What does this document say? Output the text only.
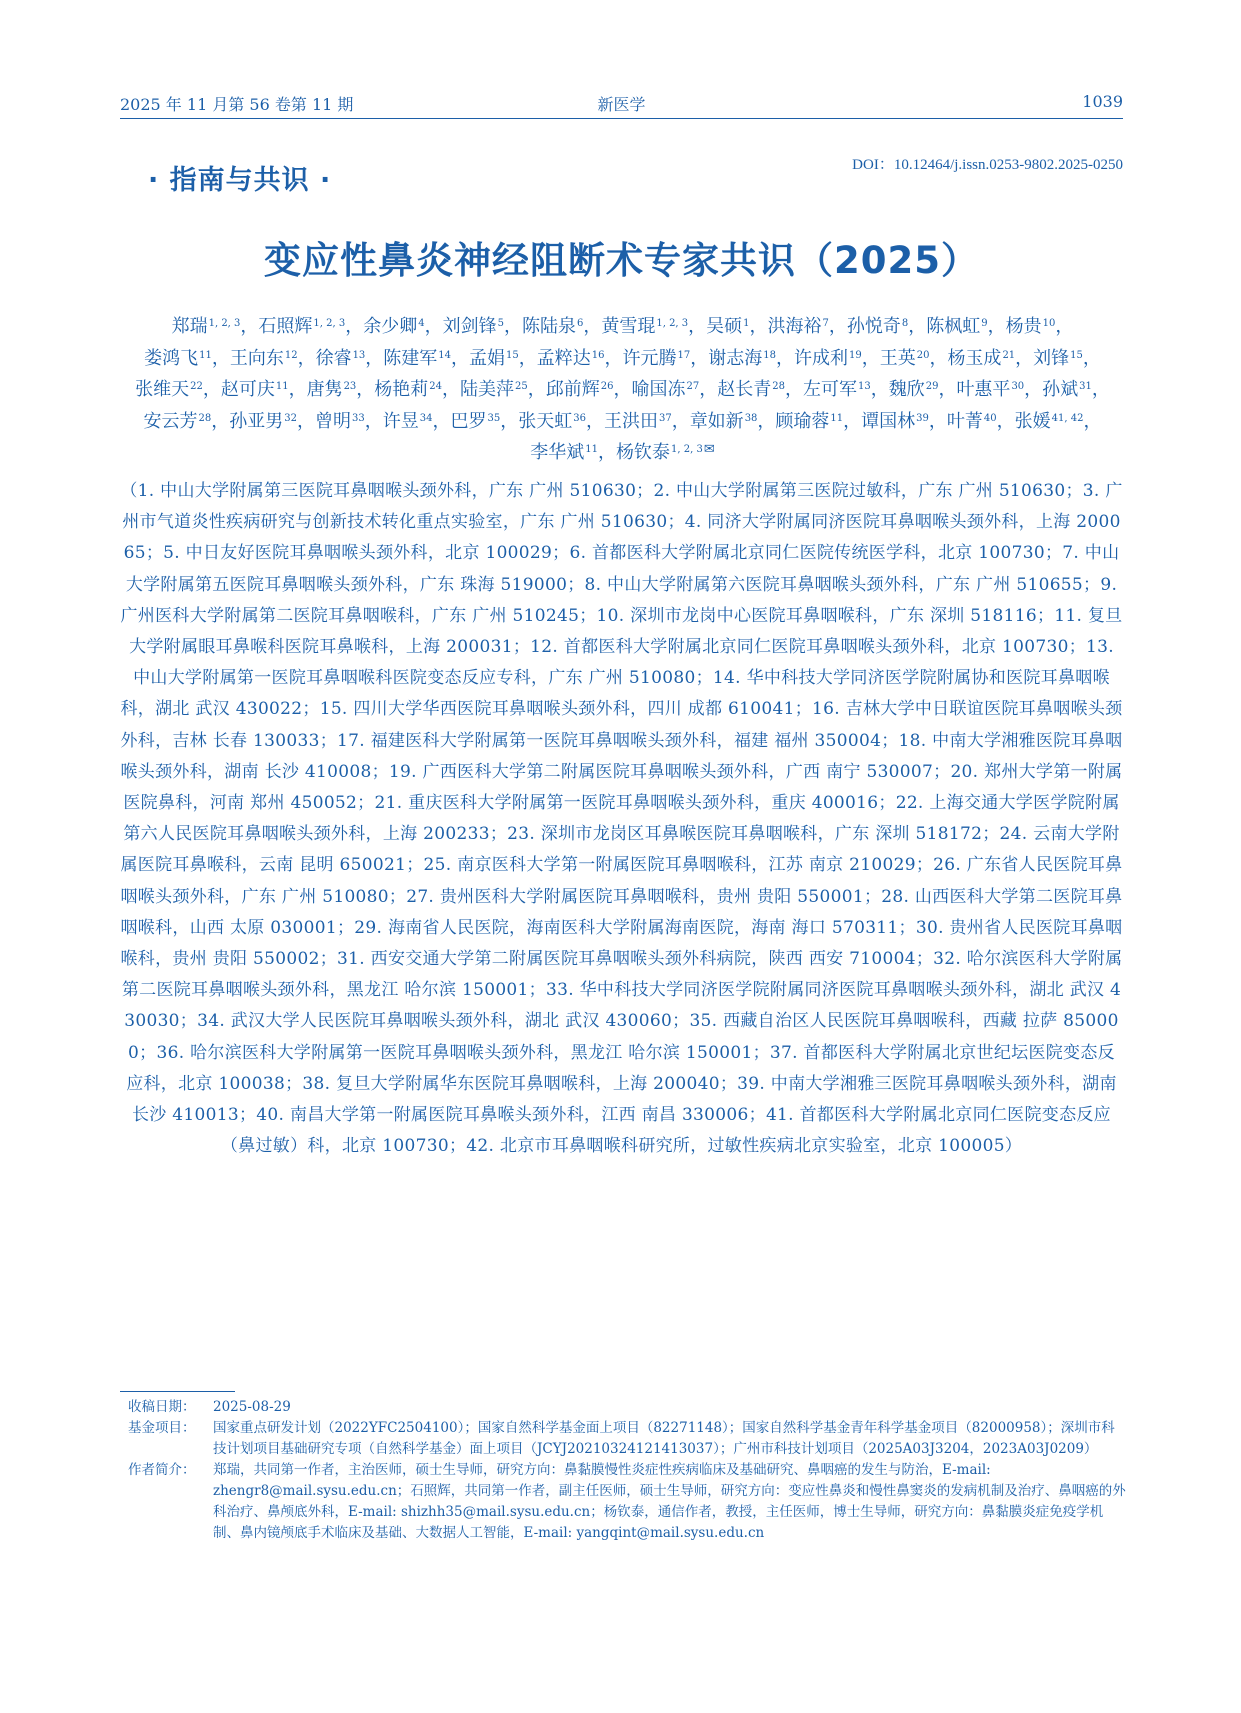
2025 年 11 月第 56 卷第 11 期	新医学	1039
· 指南与共识 ·	DOI：10.12464/j.issn.0253-9802.2025-0250
变应性鼻炎神经阻断术专家共识（2025）
郑瑞$^{1, 2, 3}$，石照辉$^{1, 2, 3}$，余少卿$^4$，刘剑锋$^5$，陈陆泉$^6$，黄雪琨$^{1, 2, 3}$，吴硕$^1$，洪海裕$^7$，孙悦奇$^8$，陈枫虹$^9$，杨贵$^{10}$，娄鸿飞$^{11}$，王向东$^{12}$，徐睿$^{13}$，陈建军$^{14}$，孟娟$^{15}$，孟粹达$^{16}$，许元腾$^{17}$，谢志海$^{18}$，许成利$^{19}$，王英$^{20}$，杨玉成$^{21}$，刘锋$^{15}$，张维天$^{22}$，赵可庆$^{11}$，唐隽$^{23}$，杨艳莉$^{24}$，陆美萍$^{25}$，邱前辉$^{26}$，喻国冻$^{27}$，赵长青$^{28}$，左可军$^{13}$，魏欣$^{29}$，叶惠平$^{30}$，孙斌$^{31}$，安云芳$^{28}$，孙亚男$^{32}$，曾明$^{33}$，许昱$^{34}$，巴罗$^{35}$，张天虹$^{36}$，王洪田$^{37}$，章如新$^{38}$，顾瑜蓉$^{11}$，谭国林$^{39}$，叶菁$^{40}$，张媛$^{41, 42}$，李华斌$^{11}$，杨钦泰$^{1, 2, 3✉}$
（1. 中山大学附属第三医院耳鼻咽喉头颈外科，广东 广州 510630；2. 中山大学附属第三医院过敏科，广东 广州 510630；3. 广州市气道炎性疾病研究与创新技术转化重点实验室，广东 广州 510630；4. 同济大学附属同济医院耳鼻咽喉头颈外科，上海 200065；5. 中日友好医院耳鼻咽喉头颈外科，北京 100029；6. 首都医科大学附属北京同仁医院传统医学科，北京 100730；7. 中山大学附属第五医院耳鼻咽喉头颈外科，广东 珠海 519000；8. 中山大学附属第六医院耳鼻咽喉头颈外科，广东 广州 510655；9. 广州医科大学附属第二医院耳鼻咽喉科，广东 广州 510245；10. 深圳市龙岗中心医院耳鼻咽喉科，广东 深圳 518116；11. 复旦大学附属眼耳鼻喉科医院耳鼻喉科，上海 200031；12. 首都医科大学附属北京同仁医院耳鼻咽喉头颈外科，北京 100730；13. 中山大学附属第一医院耳鼻咽喉科医院变态反应专科，广东 广州 510080；14. 华中科技大学同济医学院附属协和医院耳鼻咽喉科，湖北 武汉 430022；15. 四川大学华西医院耳鼻咽喉头颈外科，四川 成都 610041；16. 吉林大学中日联谊医院耳鼻咽喉头颈外科，吉林 长春 130033；17. 福建医科大学附属第一医院耳鼻咽喉头颈外科，福建 福州 350004；18. 中南大学湘雅医院耳鼻咽喉头颈外科，湖南 长沙 410008；19. 广西医科大学第二附属医院耳鼻咽喉头颈外科，广西 南宁 530007；20. 郑州大学第一附属医院鼻科，河南 郑州 450052；21. 重庆医科大学附属第一医院耳鼻咽喉头颈外科，重庆 400016；22. 上海交通大学医学院附属第六人民医院耳鼻咽喉头颈外科，上海 200233；23. 深圳市龙岗区耳鼻喉医院耳鼻咽喉科，广东 深圳 518172；24. 云南大学附属医院耳鼻喉科，云南 昆明 650021；25. 南京医科大学第一附属医院耳鼻咽喉科，江苏 南京 210029；26. 广东省人民医院耳鼻咽喉头颈外科，广东 广州 510080；27. 贵州医科大学附属医院耳鼻咽喉科，贵州 贵阳 550001；28. 山西医科大学第二医院耳鼻咽喉科，山西 太原 030001；29. 海南省人民医院，海南医科大学附属海南医院，海南 海口 570311；30. 贵州省人民医院耳鼻咽喉科，贵州 贵阳 550002；31. 西安交通大学第二附属医院耳鼻咽喉头颈外科病院，陕西 西安 710004；32. 哈尔滨医科大学附属第二医院耳鼻咽喉头颈外科，黑龙江 哈尔滨 150001；33. 华中科技大学同济医学院附属同济医院耳鼻咽喉头颈外科，湖北 武汉 430030；34. 武汉大学人民医院耳鼻咽喉头颈外科，湖北 武汉 430060；35. 西藏自治区人民医院耳鼻咽喉科，西藏 拉萨 850000；36. 哈尔滨医科大学附属第一医院耳鼻咽喉头颈外科，黑龙江 哈尔滨 150001；37. 首都医科大学附属北京世纪坛医院变态反应科，北京 100038；38. 复旦大学附属华东医院耳鼻咽喉科，上海 200040；39. 中南大学湘雅三医院耳鼻咽喉头颈外科，湖南 长沙 410013；40. 南昌大学第一附属医院耳鼻喉头颈外科，江西 南昌 330006；41. 首都医科大学附属北京同仁医院变态反应（鼻过敏）科，北京 100730；42. 北京市耳鼻咽喉科研究所，过敏性疾病北京实验室，北京 100005）
收稿日期：	2025-08-29
基金项目：	国家重点研发计划（2022YFC2504100）；国家自然科学基金面上项目（82271148）；国家自然科学基金青年科学基金项目（82000958）；深圳市科技计划项目基础研究专项（自然科学基金）面上项目（JCYJ20210324121413037）；广州市科技计划项目（2025A03J3204，2023A03J0209）
作者简介：	郑瑞，共同第一作者，主治医师，硕士生导师，研究方向：鼻黏膜慢性炎症性疾病临床及基础研究、鼻咽癌的发生与防治，E-mail: zhengr8@mail.sysu.edu.cn；石照辉，共同第一作者，副主任医师，硕士生导师，研究方向：变应性鼻炎和慢性鼻窦炎的发病机制及治疗、鼻咽癌的外科治疗、鼻颅底外科，E-mail: shizhh35@mail.sysu.edu.cn；杨钦泰，通信作者，教授，主任医师，博士生导师，研究方向：鼻黏膜炎症免疫学机制、鼻内镜颅底手术临床及基础、大数据人工智能，E-mail: yangqint@mail.sysu.edu.cn
